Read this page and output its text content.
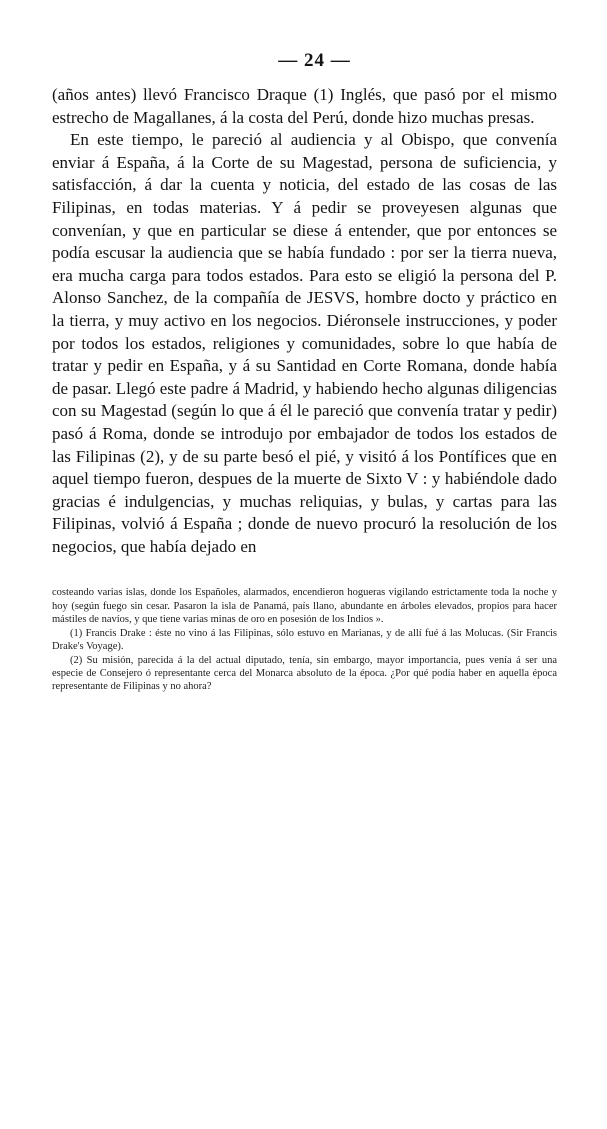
— 24 —

(años antes) llevó Francisco Draque (1) Inglés, que pasó por el mismo estrecho de Magallanes, á la costa del Perú, donde hizo muchas presas.

En este tiempo, le pareció al audiencia y al Obispo, que convenía enviar á España, á la Corte de su Magestad, persona de suficiencia, y satisfacción, á dar la cuenta y noticia, del estado de las cosas de las Filipinas, en todas materias. Y á pedir se proveyesen algunas que convenían, y que en particular se diese á entender, que por entonces se podía escusar la audiencia que se había fundado : por ser la tierra nueva, era mucha carga para todos estados. Para esto se eligió la persona del P. Alonso Sanchez, de la compañía de JESVS, hombre docto y práctico en la tierra, y muy activo en los negocios. Diéronsele instrucciones, y poder por todos los estados, religiones y comunidades, sobre lo que había de tratar y pedir en España, y á su Santidad en Corte Romana, donde había de pasar. Llegó este padre á Madrid, y habiendo hecho algunas diligencias con su Magestad (según lo que á él le pareció que convenía tratar y pedir) pasó á Roma, donde se introdujo por embajador de todos los estados de las Filipinas (2), y de su parte besó el pié, y visitó á los Pontífices que en aquel tiempo fueron, despues de la muerte de Sixto V : y habiéndole dado gracias é indulgencias, y muchas reliquias, y bulas, y cartas para las Filipinas, volvió á España ; donde de nuevo procuró la resolución de los negocios, que había dejado en

costeando varias islas, donde los Españoles, alarmados, encendieron hogueras vigilando estrictamente toda la noche y hoy (según fuego sin cesar. Pasaron la isla de Panamá, país llano, abundante en árboles elevados, propios para hacer mástiles de navíos, y que tiene varias minas de oro en posesión de los Indios ».

(1) Francis Drake : éste no vino á las Filipinas, sólo estuvo en Marianas, y de allí fué á las Molucas. (Sir Francis Drake's Voyage).

(2) Su misión, parecida á la del actual diputado, tenía, sin embargo, mayor importancia, pues venía á ser una especie de Consejero ó representante cerca del Monarca absoluto de la época. ¿Por qué podía haber en aquella época representante de Filipinas y no ahora?
